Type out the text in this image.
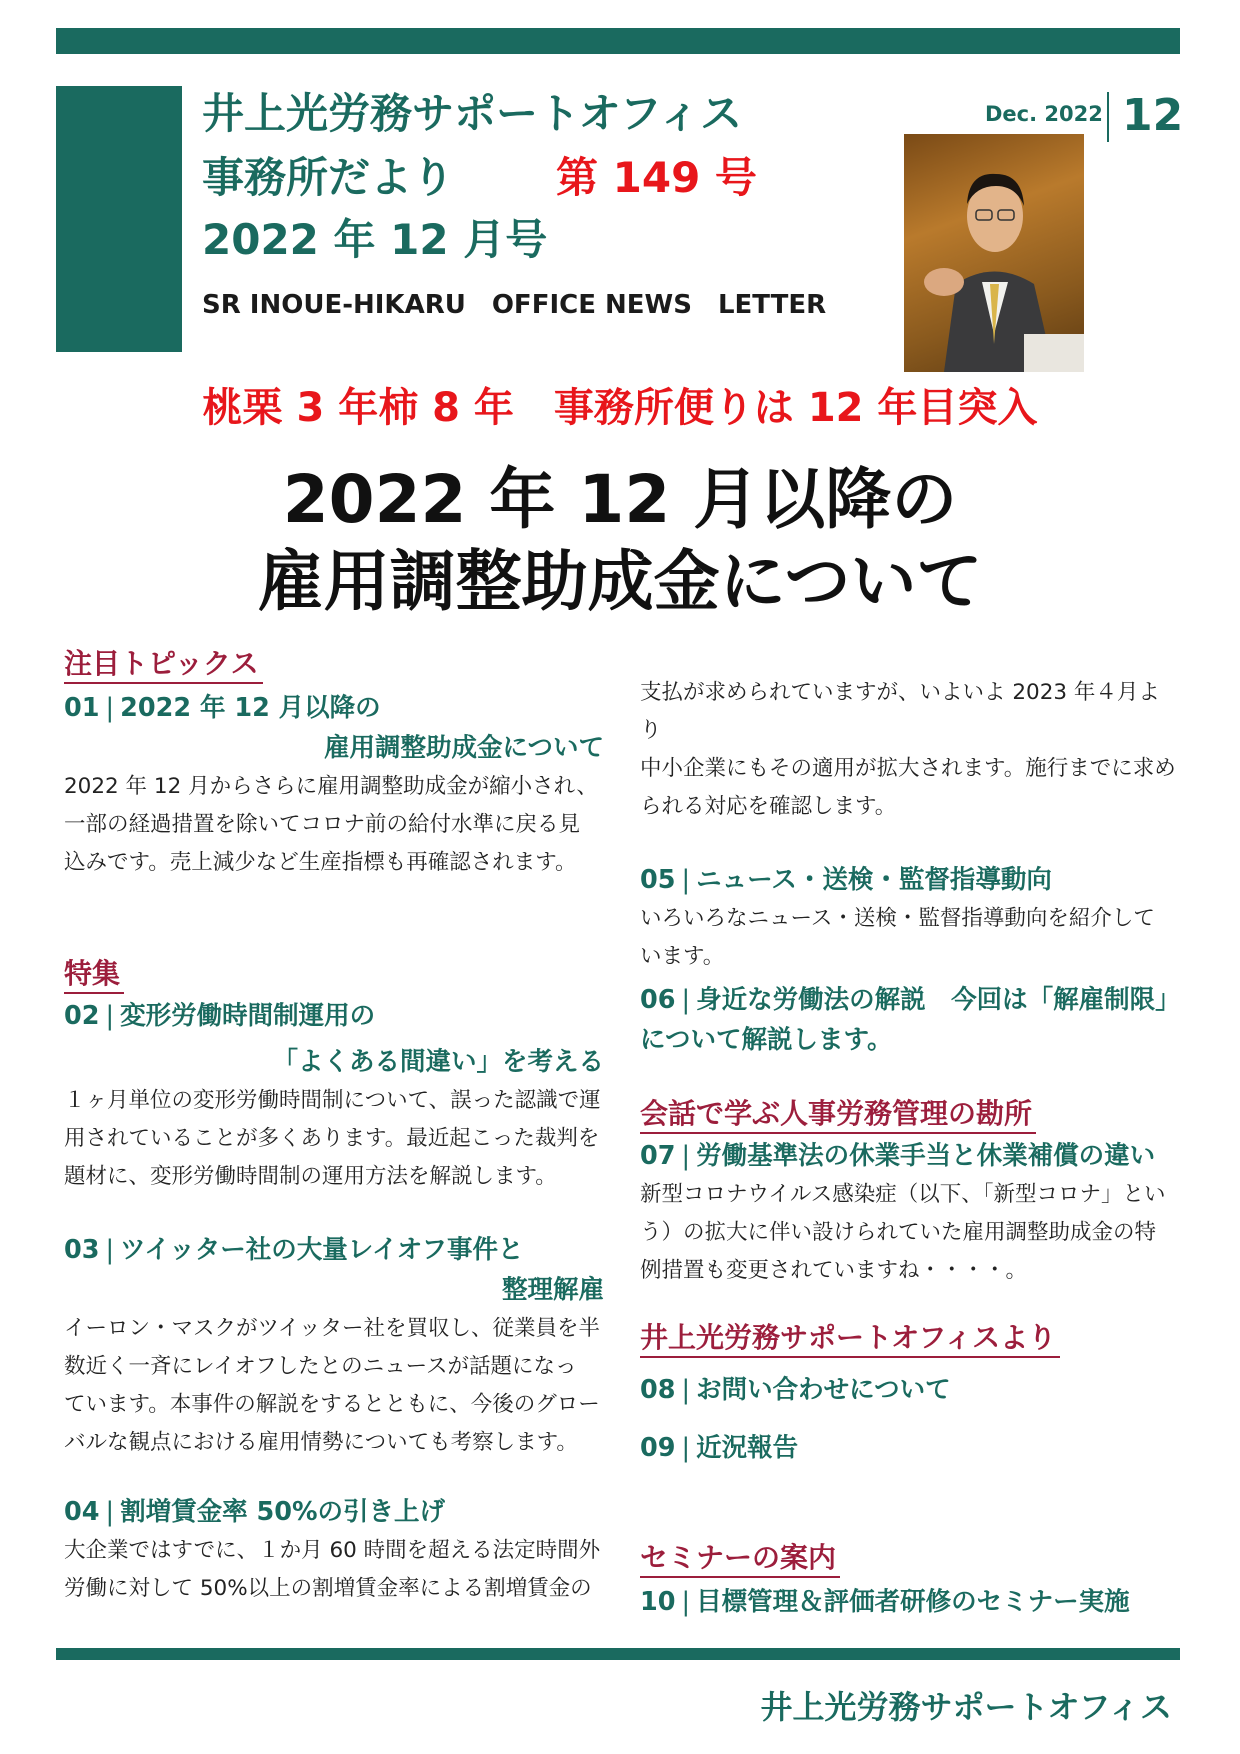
井上光労務サポートオフィス
事務所だより 第 149 号
2022 年 12 月号
SR INOUE-HIKARU　OFFICE NEWS　LETTER
Dec. 2022 12
桃栗 3 年柿 8 年　事務所便りは 12 年目突入
2022 年 12 月以降の
雇用調整助成金について
注目トピックス
01 | 2022 年 12 月以降の
雇用調整助成金について
2022 年 12 月からさらに雇用調整助成金が縮小され、
一部の経過措置を除いてコロナ前の給付水準に戻る見
込みです。売上減少など生産指標も再確認されます。
特集
02 | 変形労働時間制運用の
「よくある間違い」を考える
１ヶ月単位の変形労働時間制について、誤った認識で運
用されていることが多くあります。最近起こった裁判を
題材に、変形労働時間制の運用方法を解説します。
03 | ツイッター社の大量レイオフ事件と
整理解雇
イーロン・マスクがツイッター社を買収し、従業員を半
数近く一斉にレイオフしたとのニュースが話題になっ
ています。本事件の解説をするとともに、今後のグロー
バルな観点における雇用情勢についても考察します。
04 | 割増賃金率 50%の引き上げ
大企業ではすでに、１か月 60 時間を超える法定時間外
労働に対して 50%以上の割増賃金率による割増賃金の
支払が求められていますが、いよいよ 2023 年４月より
中小企業にもその適用が拡大されます。施行までに求め
られる対応を確認します。
05 | ニュース・送検・監督指導動向
いろいろなニュース・送検・監督指導動向を紹介して
います。
06 | 身近な労働法の解説　今回は「解雇制限」
について解説します。
会話で学ぶ人事労務管理の勘所
07 | 労働基準法の休業手当と休業補償の違い
新型コロナウイルス感染症（以下、「新型コロナ」とい
う）の拡大に伴い設けられていた雇用調整助成金の特
例措置も変更されていますね・・・・。
井上光労務サポートオフィスより
08 | お問い合わせについて
09 | 近況報告
セミナーの案内
10 | 目標管理＆評価者研修のセミナー実施
井上光労務サポートオフィス
